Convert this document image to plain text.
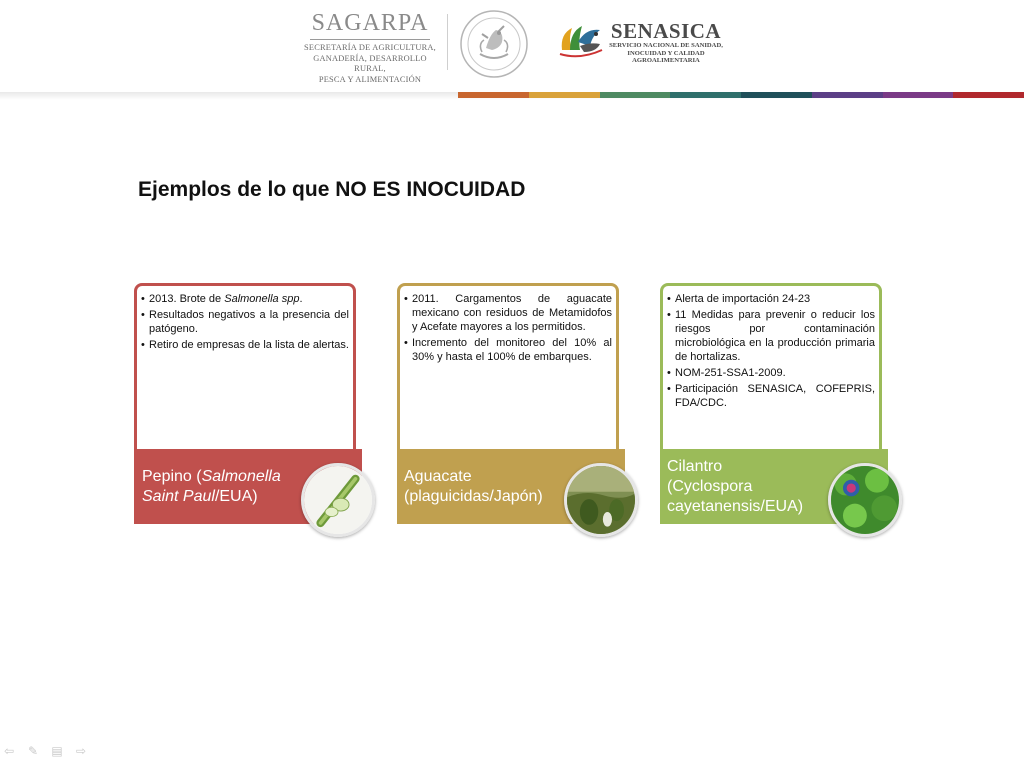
SAGARPA
SECRETARÍA DE AGRICULTURA,
GANADERÍA, DESARROLLO RURAL,
PESCA Y ALIMENTACIÓN
SENASICA
SERVICIO NACIONAL DE SANIDAD,
INOCUIDAD Y CALIDAD
AGROALIMENTARIA
Ejemplos de lo que NO ES INOCUIDAD
• 2013. Brote de Salmonella spp.
• Resultados negativos a la presencia del patógeno.
• Retiro de empresas de la lista de alertas.
Pepino (Salmonella
Saint Paul/EUA)
• 2011. Cargamentos de aguacate mexicano con residuos de Metamidofos y Acefate mayores a los permitidos.
• Incremento del monitoreo del 10% al 30% y hasta el 100% de embarques.
Aguacate
(plaguicidas/Japón)
• Alerta de importación 24-23
• 11 Medidas para prevenir o reducir los riesgos por contaminación microbiológica en la producción primaria de hortalizas.
• NOM-251-SSA1-2009.
• Participación SENASICA, COFEPRIS, FDA/CDC.
Cilantro
(Cyclospora
cayetanensis/EUA)
⇦ ✎ ▤ ⇨
